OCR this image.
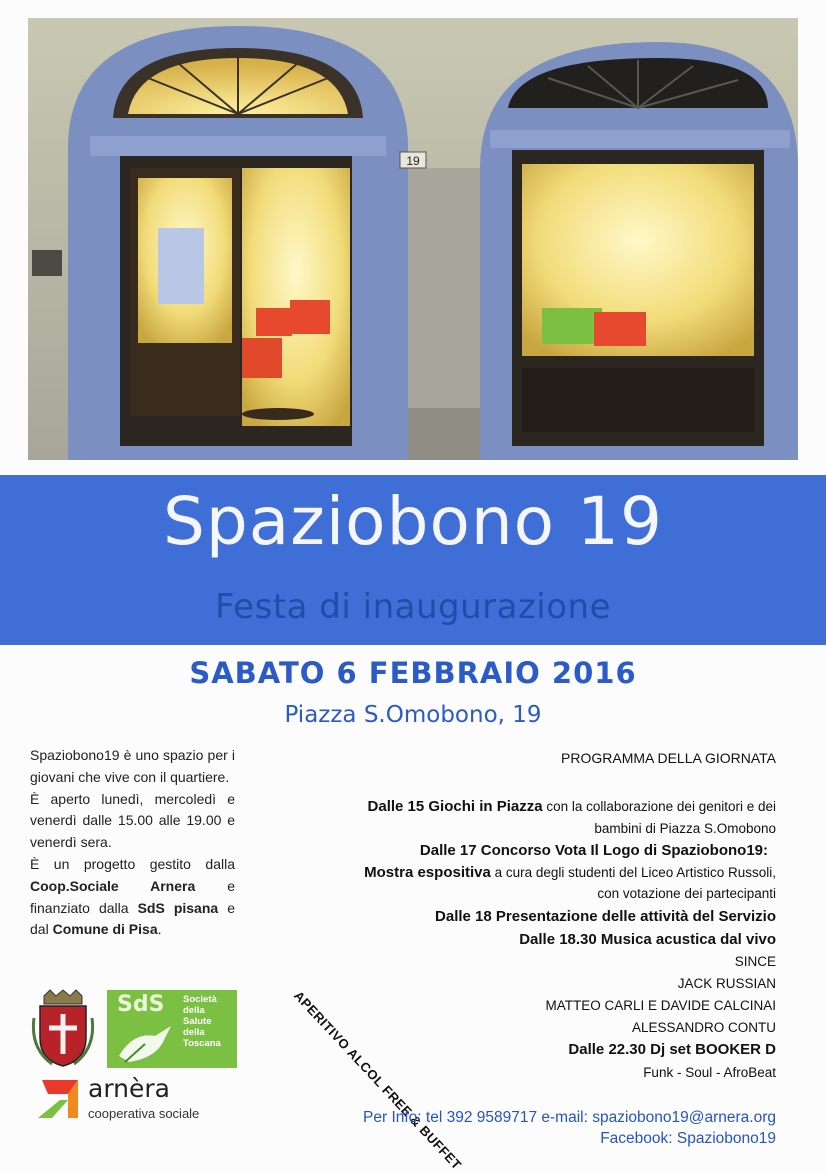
19
Spaziobono 19
Festa di inaugurazione
SABATO 6 FEBBRAIO 2016
Piazza S.Omobono, 19

Spaziobono19 è uno spazio per i giovani che vive con il quartiere.

È aperto lunedì, mercoledì e venerdì dalle 15.00 alle 19.00 e venerdì sera.

È un progetto gestito dalla Coop.Sociale Arnera e finanziato dalla SdS pisana e dal Comune di Pisa.

PROGRAMMA DELLA GIORNATA
Dalle 15 Giochi in Piazza con la collaborazione dei genitori e dei
bambini di Piazza S.Omobono
Dalle 17 Concorso Vota Il Logo di Spaziobono19:
Mostra espositiva a cura degli studenti del Liceo Artistico Russoli,
con votazione dei partecipanti
Dalle 18 Presentazione delle attività del Servizio
Dalle 18.30 Musica acustica dal vivo
SINCE
JACK RUSSIAN
MATTEO CARLI E DAVIDE CALCINAI
ALESSANDRO CONTU
Dalle 22.30 Dj set BOOKER D
Funk - Soul - AfroBeat
APERITIVO ALCOL FREE & BUFFET
SdS Società
della
Salute
della
Toscana
arnèra
cooperativa sociale	Per Info: tel 392 9589717 e-mail: spaziobono19@arnera.org
Facebook: Spaziobono19
